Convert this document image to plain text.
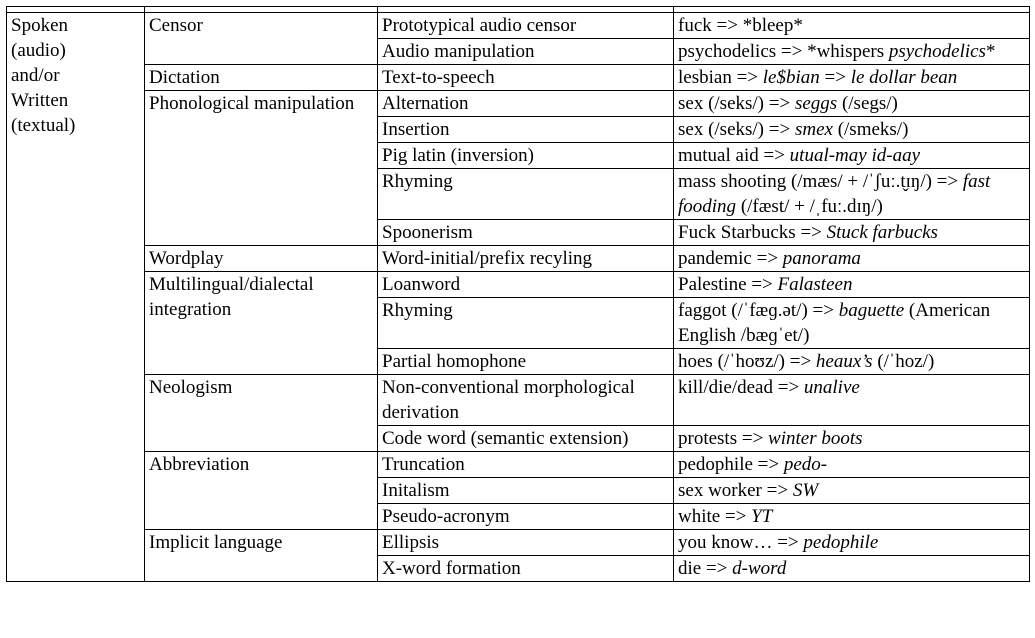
Spoken (audio) and/or Written (textual)	Censor	Prototypical audio censor	fuck => *bleep*
		Audio manipulation	psychodelics => *whispers psychodelics*
	Dictation	Text-to-speech	lesbian => le$bian => le dollar bean
	Phonological manipulation	Alternation	sex (/seks/) => seggs (/segs/)
		Insertion	sex (/seks/) => smex (/smeks/)
		Pig latin (inversion)	mutual aid => utual-may id-aay
		Rhyming	mass shooting (/mæs/ + /ˈʃuː.t̬ɪŋ/) => fast fooding (/fæst/ + /ˌfuː.dɪŋ/)
		Spoonerism	Fuck Starbucks => Stuck farbucks
	Wordplay	Word-initial/prefix recyling	pandemic => panorama
	Multilingual/dialectal integration	Loanword	Palestine => Falasteen
		Rhyming	faggot (/ˈfæɡ.ət/) => baguette (American English /bæɡˈet/)
		Partial homophone	hoes (/ˈhoʊz/) => heaux’s (/ˈhoz/)
	Neologism	Non-conventional morphological derivation	kill/die/dead => unalive
		Code word (semantic extension)	protests => winter boots
	Abbreviation	Truncation	pedophile => pedo-
		Initalism	sex worker => SW
		Pseudo-acronym	white => YT
	Implicit language	Ellipsis	you know… => pedophile
		X-word formation	die => d-word
